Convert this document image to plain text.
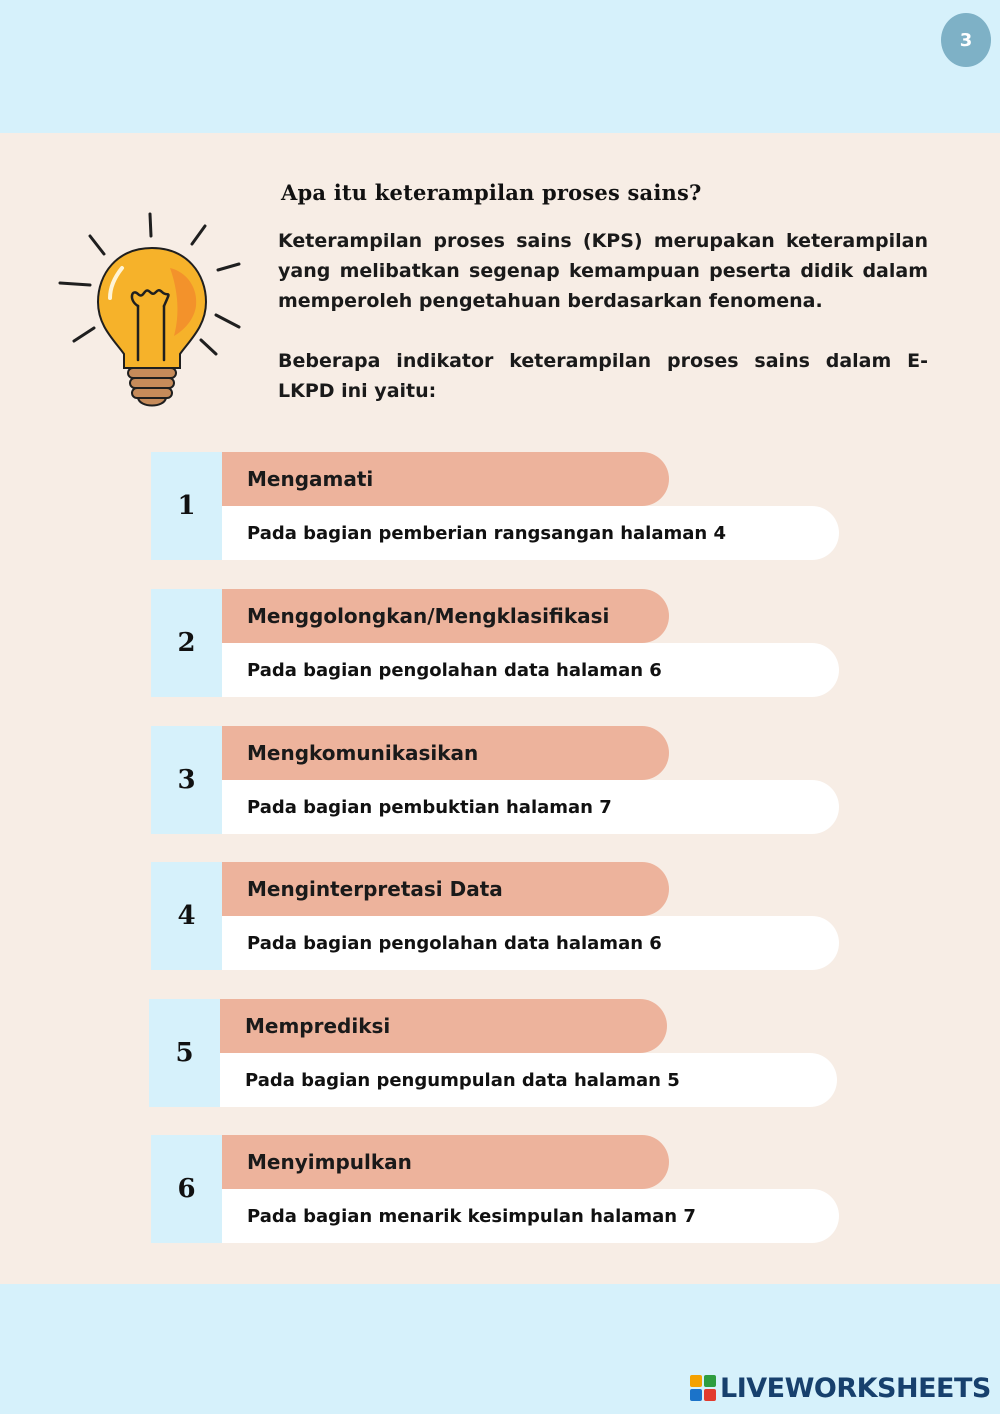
3
Apa itu keterampilan proses sains?
Keterampilan proses sains (KPS) merupakan keterampilan yang melibatkan segenap kemampuan peserta didik dalam memperoleh pengetahuan berdasarkan fenomena.
Beberapa indikator keterampilan proses sains dalam E-LKPD ini yaitu:
1
Pada bagian pemberian rangsangan halaman 4
Mengamati
2
Pada bagian pengolahan data halaman 6
Menggolongkan/Mengklasifikasi
3
Pada bagian pembuktian halaman 7
Mengkomunikasikan
4
Pada bagian pengolahan data halaman 6
Menginterpretasi Data
5
Pada bagian pengumpulan data halaman 5
Memprediksi
6
Pada bagian menarik kesimpulan halaman 7
Menyimpulkan
LIVEWORKSHEETS
